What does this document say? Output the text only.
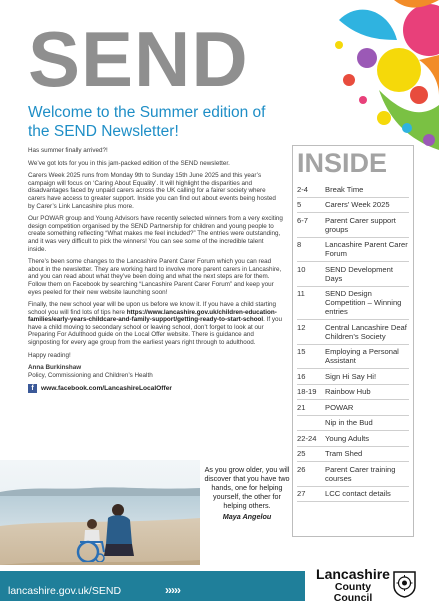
SEND
Welcome to the Summer edition of the SEND Newsletter!

Has summer finally arrived?!

We’ve got lots for you in this jam-packed edition of the SEND newsletter.

Carers Week 2025 runs from Monday 9th to Sunday 15th June 2025 and this year’s campaign will focus on ‘Caring About Equality’. It will highlight the disparities and disadvantages faced by unpaid carers across the UK calling for a fairer society where carers have access to greater support. Inside you can find out about events being hosted by Carer’s Link Lancashire plus more.

Our POWAR group and Young Advisors have recently selected winners from a very exciting design competition organised by the SEND Partnership for children and young people to create something reflecting “What makes me feel included?” The entries were outstanding, and it was very difficult to pick the winners! You can see some of the incredible talent inside.

There’s been some changes to the Lancashire Parent Carer Forum which you can read about in the newsletter. They are working hard to involve more parent carers in Lancashire, and you can read about what they’ve been doing and what the next steps are for them. Follow them on Facebook by searching “Lancashire Parent Carer Forum” and keep your eyes peeled for their new website launching soon!

Finally, the new school year will be upon us before we know it. If you have a child starting school you will find lots of tips here https://www.lancashire.gov.uk/children-education-families/early-years-childcare-and-family-support/getting-ready-to-start-school. If you have a child moving to secondary school or leaving school, don’t forget to look at our Preparing For Adulthood guide on the Local Offer website. There is guidance and signposting for every age group from the earliest years right through to adulthood.

Happy reading!

Anna Burkinshaw

Policy, Commissioning and Children’s Health

f	www.facebook.com/LancashireLocalOffer
INSIDE
2-4	Break Time
5	Carers’ Week 2025
6-7	Parent Carer support groups
8	Lancashire Parent Carer Forum
10	SEND Development Days
11	SEND Design Competition – Winning entries
12	Central Lancashire Deaf Children’s Society
15	Employing a Personal Assistant
16	Sign Hi Say Hi!
18-19	Rainbow Hub
21	POWAR
Nip in the Bud
22-24	Young Adults
25	Tram Shed
26	Parent Carer training courses
27	LCC contact details
As you grow older, you will discover that you have two hands, one for helping yourself, the other for helping others.
Maya Angelou
lancashire.gov.uk/SEND	›››››
Lancashire
County
Council
